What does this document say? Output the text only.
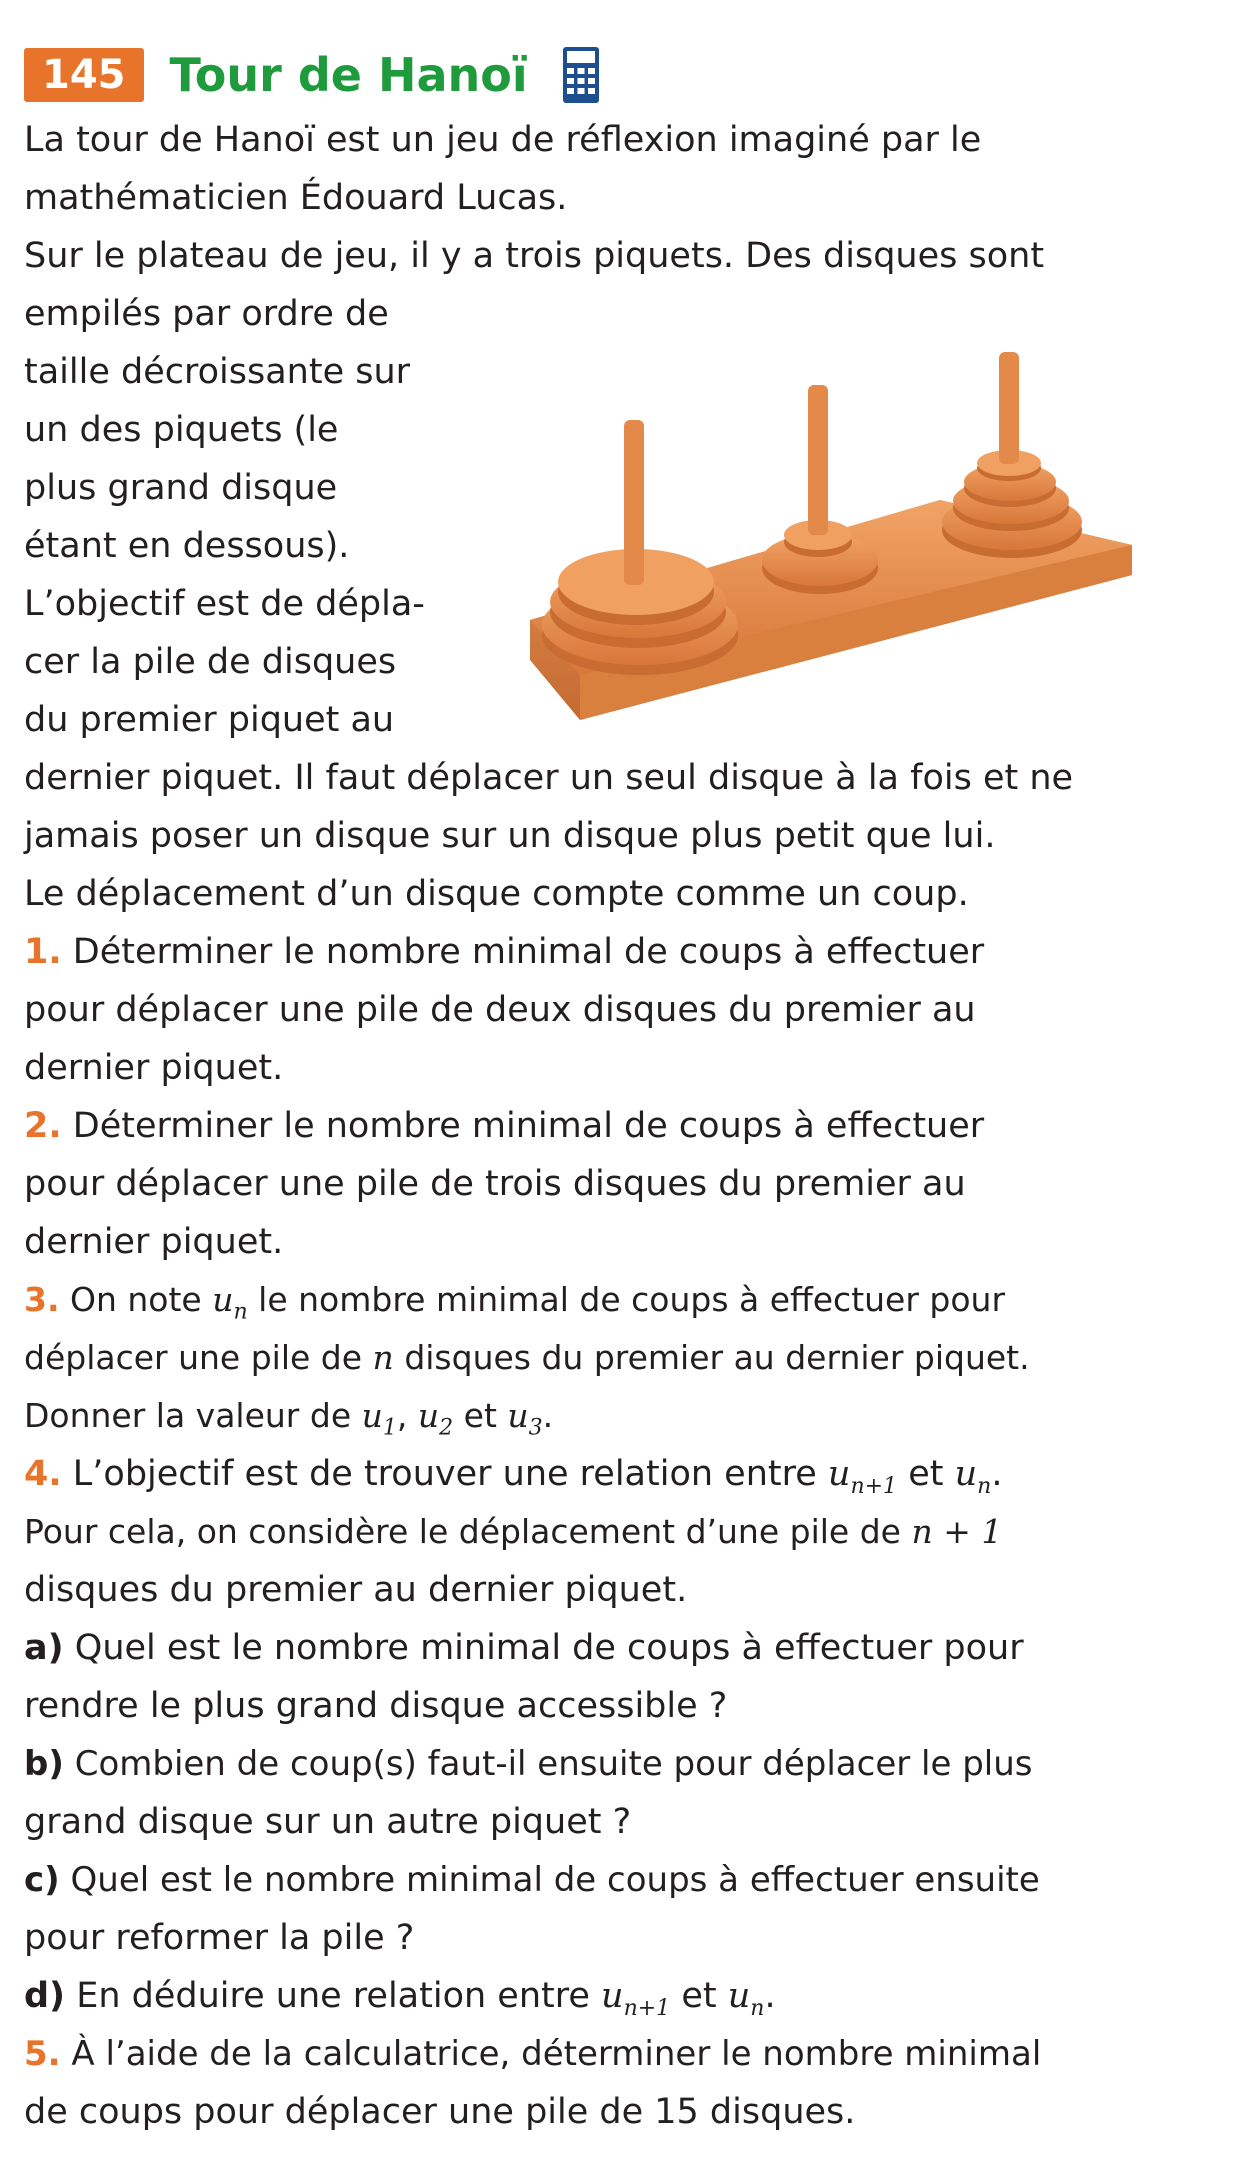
145 Tour de Hanoï
La tour de Hanoï est un jeu de réflexion imaginé par le
mathématicien Édouard Lucas.
Sur le plateau de jeu, il y a trois piquets. Des disques sont
empilés par ordre de
taille décroissante sur
un des piquets (le
plus grand disque
étant en dessous).
L’objectif est de dépla-
cer la pile de disques
du premier piquet au
dernier piquet. Il faut déplacer un seul disque à la fois et ne
jamais poser un disque sur un disque plus petit que lui.
Le déplacement d’un disque compte comme un coup.
1. Déterminer le nombre minimal de coups à effectuer
pour déplacer une pile de deux disques du premier au
dernier piquet.
2. Déterminer le nombre minimal de coups à effectuer
pour déplacer une pile de trois disques du premier au
dernier piquet.
3. On note $u_n$ le nombre minimal de coups à effectuer pour
déplacer une pile de n disques du premier au dernier piquet.
Donner la valeur de $u_1$, $u_2$ et $u_3$.
4. L’objectif est de trouver une relation entre $u_{n+1}$ et $u_n$.
Pour cela, on considère le déplacement d’une pile de n + 1
disques du premier au dernier piquet.
a) Quel est le nombre minimal de coups à effectuer pour
rendre le plus grand disque accessible ?
b) Combien de coup(s) faut-il ensuite pour déplacer le plus
grand disque sur un autre piquet ?
c) Quel est le nombre minimal de coups à effectuer ensuite
pour reformer la pile ?
d) En déduire une relation entre $u_{n+1}$ et $u_n$.
5. À l’aide de la calculatrice, déterminer le nombre minimal
de coups pour déplacer une pile de 15 disques.
